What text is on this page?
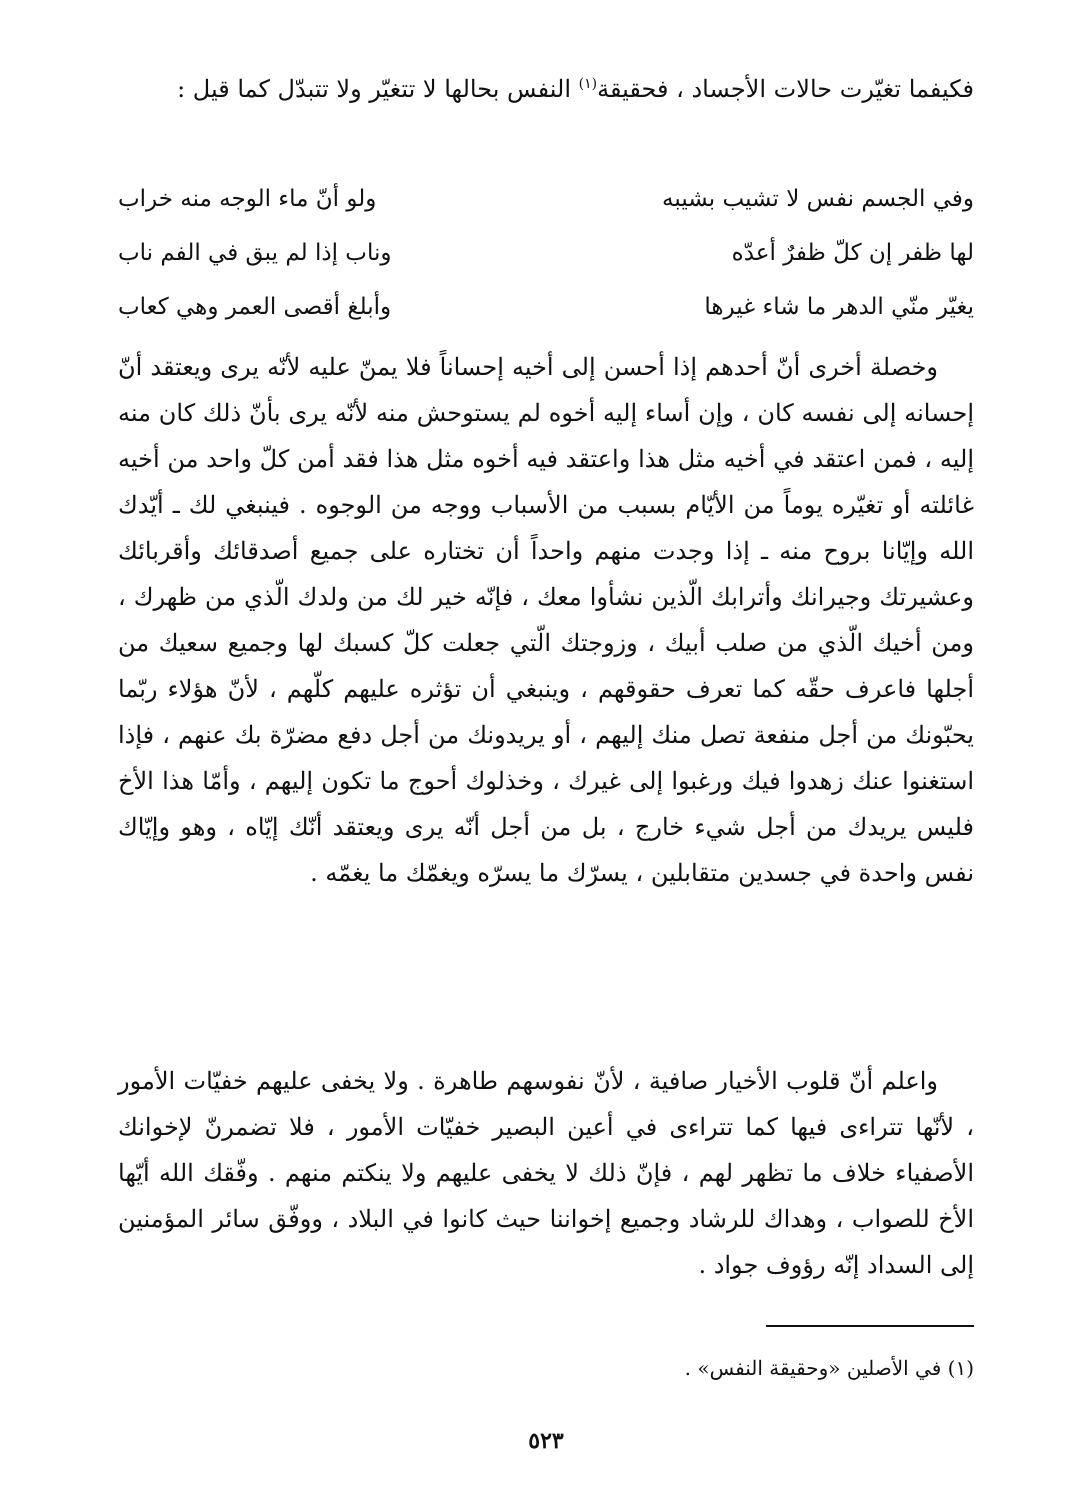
فكيفما تغيّرت حالات الأجساد ، فحقيقة$^{(١)}$ النفس بحالها لا تتغيّر ولا تتبدّل كما قيل :
وفي الجسم نفس لا تشيب بشيبه
ولو أنّ ماء الوجه منه خراب
لها ظفر إن كلّ ظفرٌ أعدّه
وناب إذا لم يبق في الفم ناب
يغيّر منّي الدهر ما شاء غيرها
وأبلغ أقصى العمر وهي كعاب

وخصلة أخرى أنّ أحدهم إذا أحسن إلى أخيه إحساناً فلا يمنّ عليه لأنّه يرى ويعتقد أنّ إحسانه إلى نفسه كان ، وإن أساء إليه أخوه لم يستوحش منه لأنّه يرى بأنّ ذلك كان منه إليه ، فمن اعتقد في أخيه مثل هذا واعتقد فيه أخوه مثل هذا فقد أمن كلّ واحد من أخيه غائلته أو تغيّره يوماً من الأيّام بسبب من الأسباب ووجه من الوجوه . فينبغي لك ـ أيّدك الله وإيّانا بروح منه ـ إذا وجدت منهم واحداً أن تختاره على جميع أصدقائك وأقربائك وعشيرتك وجيرانك وأترابك الّذين نشأوا معك ، فإنّه خير لك من ولدك الّذي من ظهرك ، ومن أخيك الّذي من صلب أبيك ، وزوجتك الّتي جعلت كلّ كسبك لها وجميع سعيك من أجلها فاعرف حقّه كما تعرف حقوقهم ، وينبغي أن تؤثره عليهم كلّهم ، لأنّ هؤلاء ربّما يحبّونك من أجل منفعة تصل منك إليهم ، أو يريدونك من أجل دفع مضرّة بك عنهم ، فإذا استغنوا عنك زهدوا فيك ورغبوا إلى غيرك ، وخذلوك أحوج ما تكون إليهم ، وأمّا هذا الأخ فليس يريدك من أجل شيء خارج ، بل من أجل أنّه يرى ويعتقد أنّك إيّاه ، وهو وإيّاك نفس واحدة في جسدين متقابلين ، يسرّك ما يسرّه ويغمّك ما يغمّه .

واعلم أنّ قلوب الأخيار صافية ، لأنّ نفوسهم طاهرة . ولا يخفى عليهم خفيّات الأمور ، لأنّها تتراءى فيها كما تتراءى في أعين البصير خفيّات الأمور ، فلا تضمرنّ لإخوانك الأصفياء خلاف ما تظهر لهم ، فإنّ ذلك لا يخفى عليهم ولا ينكتم منهم . وفّقك الله أيّها الأخ للصواب ، وهداك للرشاد وجميع إخواننا حيث كانوا في البلاد ، ووفّق سائر المؤمنين إلى السداد إنّه رؤوف جواد .

(١) في الأصلين «وحقيقة النفس» .
٥٢٣
